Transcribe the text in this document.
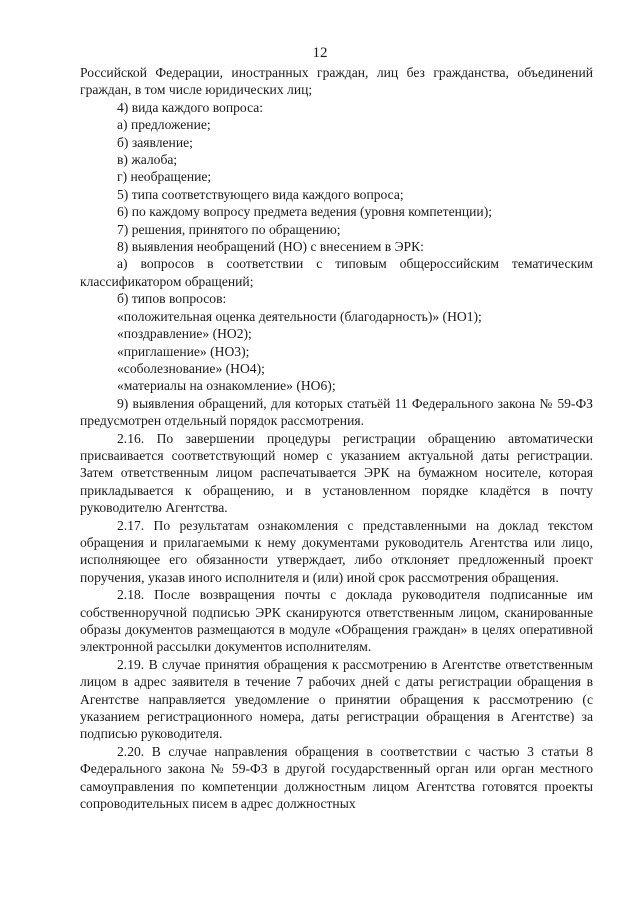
12

Российской Федерации, иностранных граждан, лиц без гражданства, объединений граждан, в том числе юридических лиц;

4) вида каждого вопроса:

а) предложение;

б) заявление;

в) жалоба;

г) необращение;

5) типа соответствующего вида каждого вопроса;

6) по каждому вопросу предмета ведения (уровня компетенции);

7) решения, принятого по обращению;

8) выявления необращений (НО) с внесением в ЭРК:

а) вопросов в соответствии с типовым общероссийским тематическим классификатором обращений;

б) типов вопросов:

«положительная оценка деятельности (благодарность)» (НО1);

«поздравление» (НО2);

«приглашение» (НО3);

«соболезнование» (НО4);

«материалы на ознакомление» (НО6);

9) выявления обращений, для которых статьёй 11 Федерального закона № 59-ФЗ предусмотрен отдельный порядок рассмотрения.

2.16. По завершении процедуры регистрации обращению автоматически присваивается соответствующий номер с указанием актуальной даты регистрации. Затем ответственным лицом распечатывается ЭРК на бумажном носителе, которая прикладывается к обращению, и в установленном порядке кладётся в почту руководителю Агентства.

2.17. По результатам ознакомления с представленными на доклад текстом обращения и прилагаемыми к нему документами руководитель Агентства или лицо, исполняющее его обязанности утверждает, либо отклоняет предложенный проект поручения, указав иного исполнителя и (или) иной срок рассмотрения обращения.

2.18. После возвращения почты с доклада руководителя подписанные им собственноручной подписью ЭРК сканируются ответственным лицом, сканированные образы документов размещаются в модуле «Обращения граждан» в целях оперативной электронной рассылки документов исполнителям.

2.19. В случае принятия обращения к рассмотрению в Агентстве ответственным лицом в адрес заявителя в течение 7 рабочих дней с даты регистрации обращения в Агентстве направляется уведомление о принятии обращения к рассмотрению (с указанием регистрационного номера, даты регистрации обращения в Агентстве) за подписью руководителя.

2.20. В случае направления обращения в соответствии с частью 3 статьи 8 Федерального закона № 59-ФЗ в другой государственный орган или орган местного самоуправления по компетенции должностным лицом Агентства готовятся проекты сопроводительных писем в адрес должностных
